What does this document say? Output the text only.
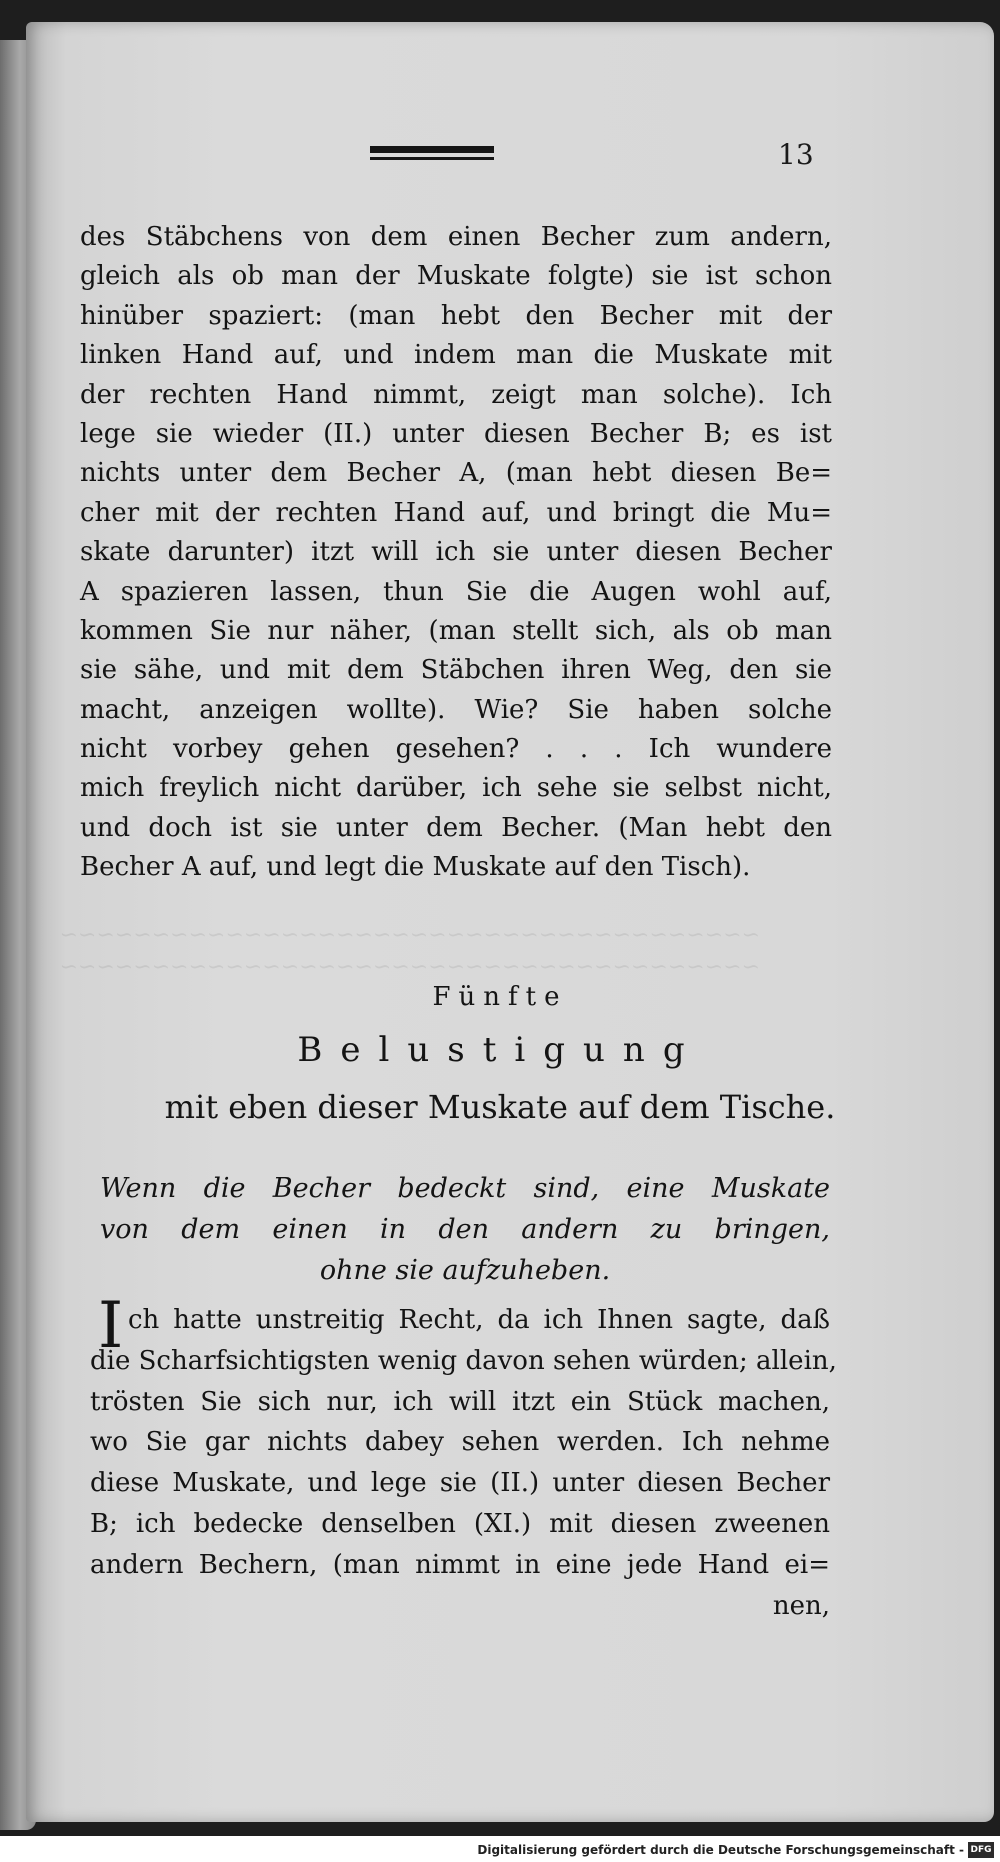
13
des Stäbchens von dem einen Becher zum andern,
gleich als ob man der Muskate folgte) sie ist schon
hinüber spaziert: (man hebt den Becher mit der
linken Hand auf, und indem man die Muskate mit
der rechten Hand nimmt, zeigt man solche). Ich
lege sie wieder (II.) unter diesen Becher B; es ist
nichts unter dem Becher A, (man hebt diesen Be=
cher mit der rechten Hand auf, und bringt die Mu=
skate darunter) itzt will ich sie unter diesen Becher
A spazieren lassen, thun Sie die Augen wohl auf,
kommen Sie nur näher, (man stellt sich, als ob man
sie sähe, und mit dem Stäbchen ihren Weg, den sie
macht, anzeigen wollte). Wie? Sie haben solche
nicht vorbey gehen gesehen? . . . Ich wundere
mich freylich nicht darüber, ich sehe sie selbst nicht,
und doch ist sie unter dem Becher. (Man hebt den
Becher A auf, und legt die Muskate auf den Tisch).
~~~~~~~~~~~~~~~~~~~~~~~~~~~~~~~~~~~~~~
~~~~~~~~~~~~~~~~~~~~~~~~~~~~~~~~~~~~~~
Fünfte
Belustigung
mit eben dieser Muskate auf dem Tische.
Wenn die Becher bedeckt sind, eine Muskate
von dem einen in den andern zu bringen,
ohne sie aufzuheben.
I ch hatte unstreitig Recht, da ich Ihnen sagte, daß
die Scharfsichtigsten wenig davon sehen würden; allein,
trösten Sie sich nur, ich will itzt ein Stück machen,
wo Sie gar nichts dabey sehen werden. Ich nehme
diese Muskate, und lege sie (II.) unter diesen Becher
B; ich bedecke denselben (XI.) mit diesen zweenen
andern Bechern, (man nimmt in eine jede Hand ei=
nen,
Digitalisierung gefördert durch die Deutsche Forschungsgemeinschaft - DFG
